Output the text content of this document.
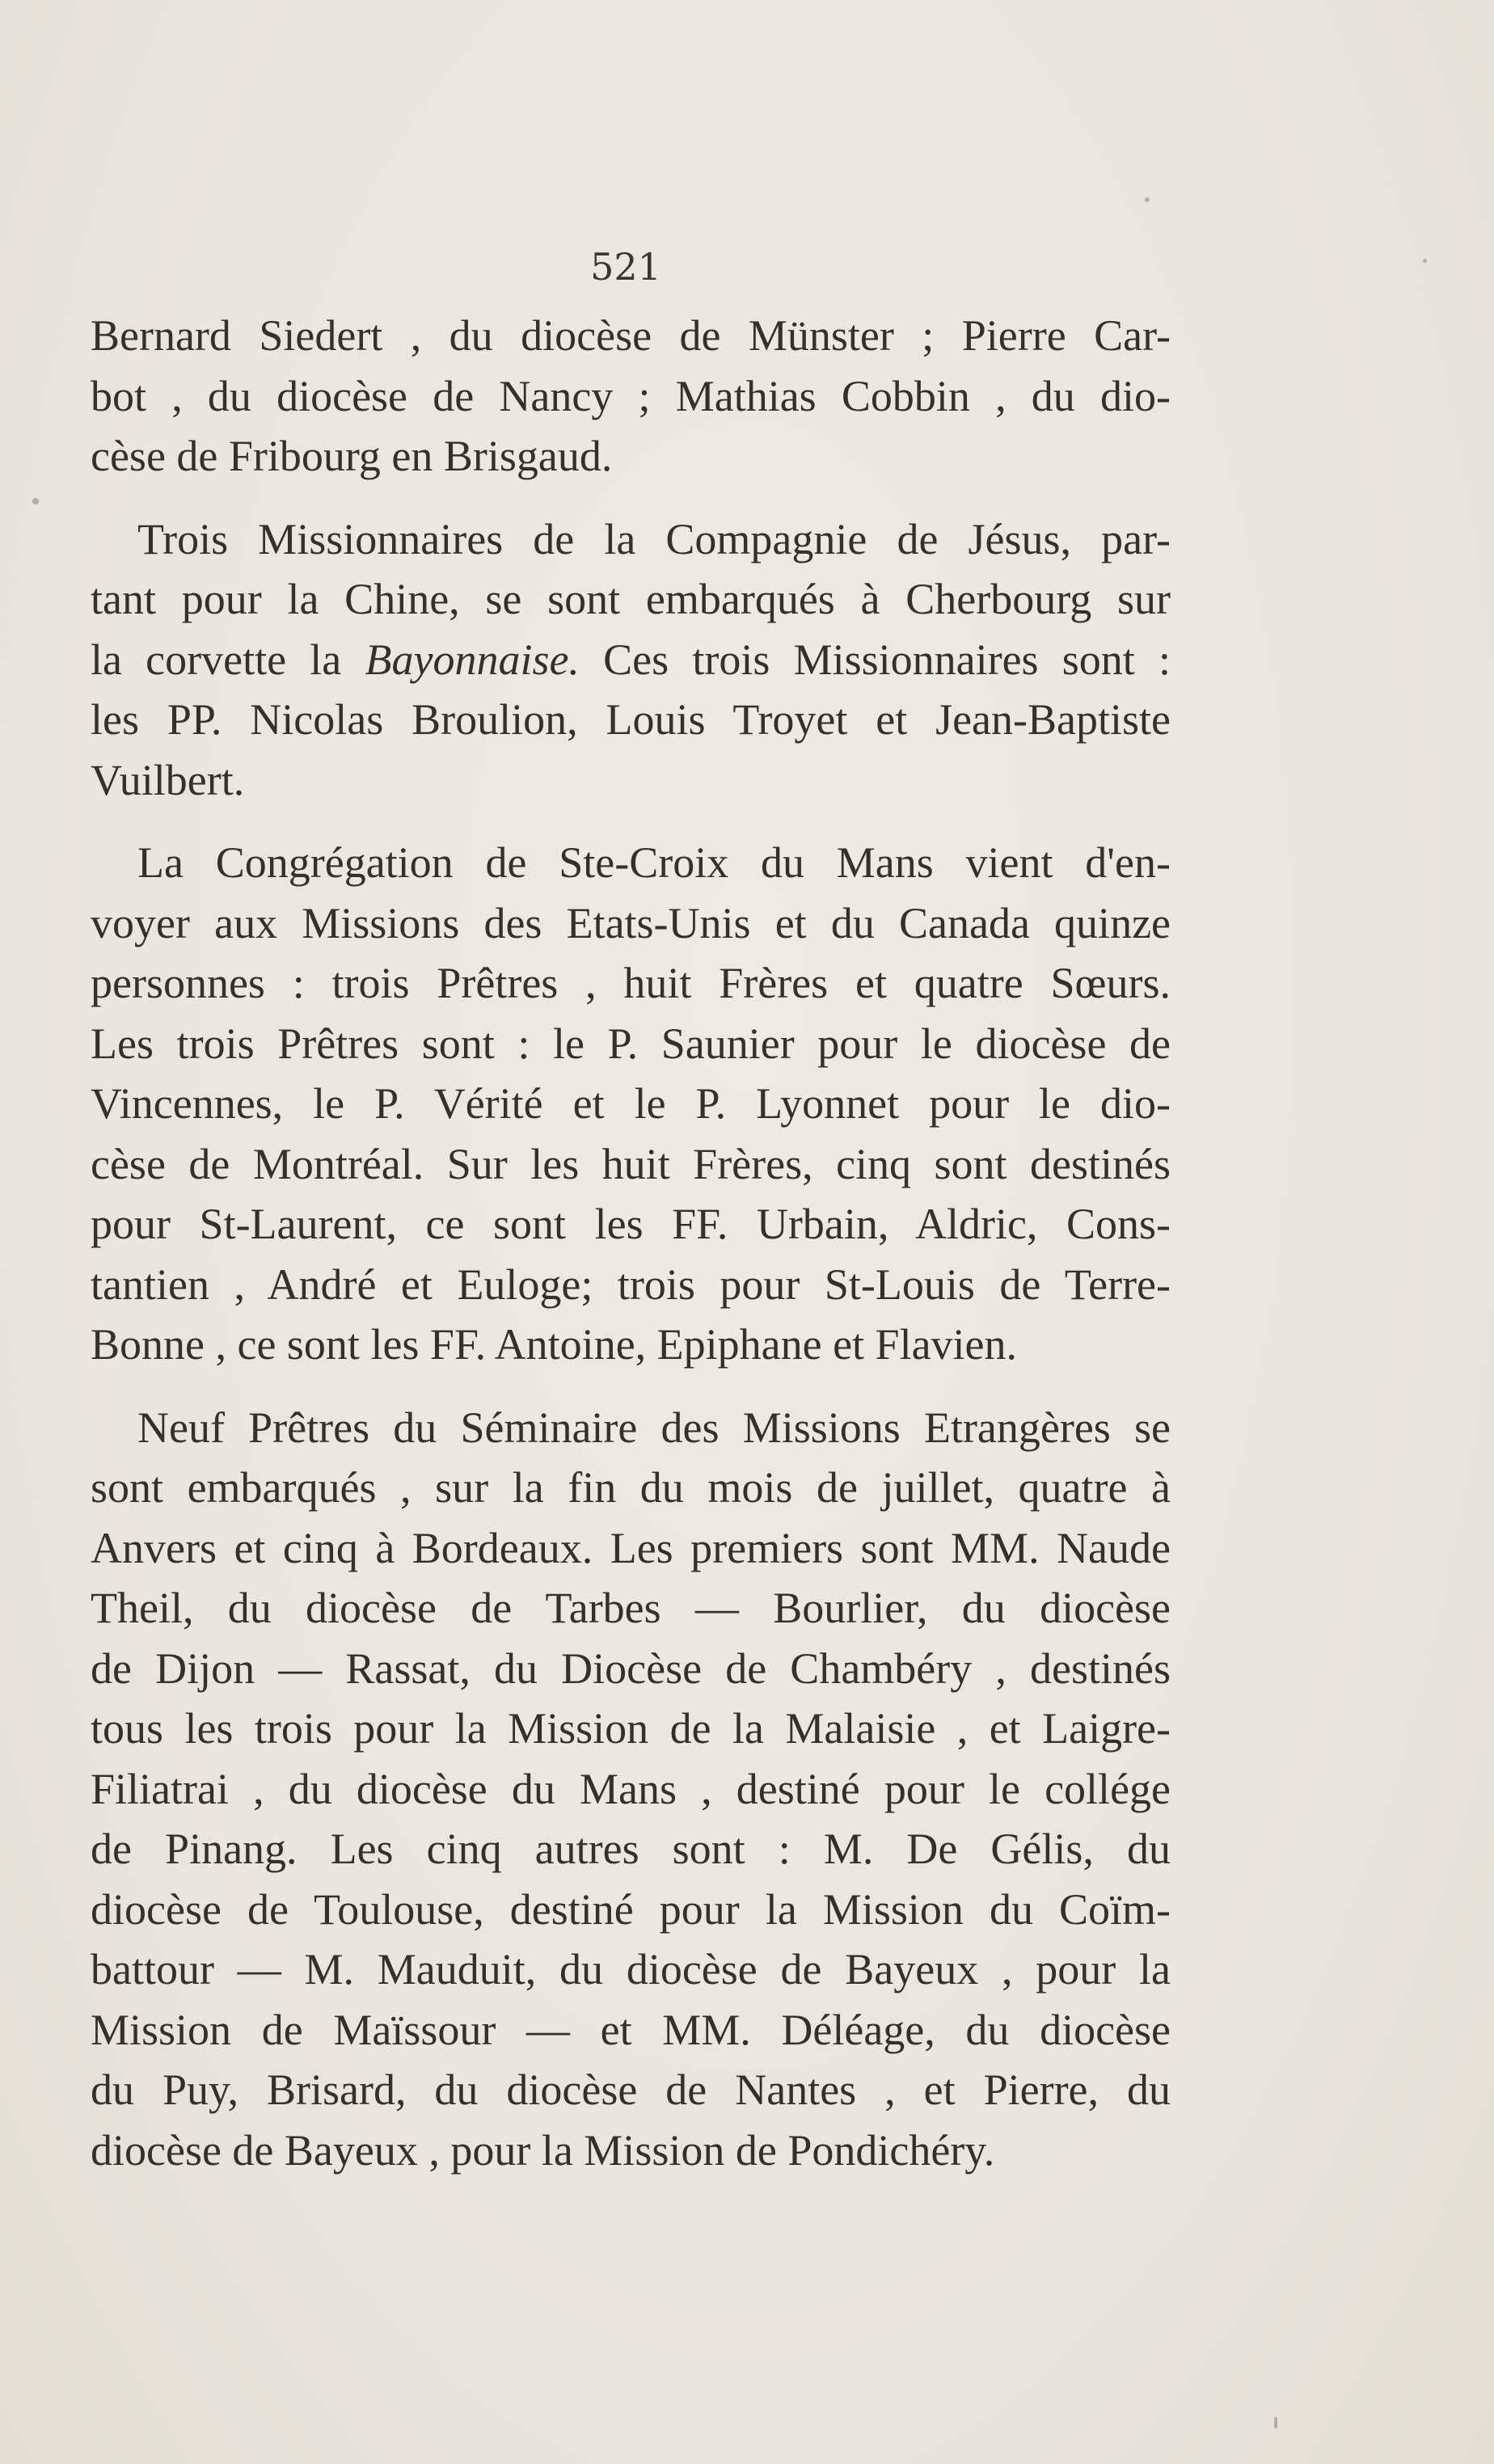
521

Bernard Siedert , du diocèse de Münster ; Pierre Car-
bot , du diocèse de Nancy ; Mathias Cobbin , du dio-
cèse de Fribourg en Brisgaud.

Trois Missionnaires de la Compagnie de Jésus, par-
tant pour la Chine, se sont embarqués à Cherbourg sur
la corvette la Bayonnaise. Ces trois Missionnaires sont :
les PP. Nicolas Broulion, Louis Troyet et Jean-Baptiste
Vuilbert.

La Congrégation de Ste-Croix du Mans vient d'en-
voyer aux Missions des Etats-Unis et du Canada quinze
personnes : trois Prêtres , huit Frères et quatre Sœurs.
Les trois Prêtres sont : le P. Saunier pour le diocèse de
Vincennes, le P. Vérité et le P. Lyonnet pour le dio-
cèse de Montréal. Sur les huit Frères, cinq sont destinés
pour St-Laurent, ce sont les FF. Urbain, Aldric, Cons-
tantien , André et Euloge; trois pour St-Louis de Terre-
Bonne , ce sont les FF. Antoine, Epiphane et Flavien.

Neuf Prêtres du Séminaire des Missions Etrangères se
sont embarqués , sur la fin du mois de juillet, quatre à
Anvers et cinq à Bordeaux. Les premiers sont MM. Naude
Theil, du diocèse de Tarbes — Bourlier, du diocèse
de Dijon — Rassat, du Diocèse de Chambéry , destinés
tous les trois pour la Mission de la Malaisie , et Laigre-
Filiatrai , du diocèse du Mans , destiné pour le collége
de Pinang. Les cinq autres sont : M. De Gélis, du
diocèse de Toulouse, destiné pour la Mission du Coïm-
battour — M. Mauduit, du diocèse de Bayeux , pour la
Mission de Maïssour — et MM. Déléage, du diocèse
du Puy, Brisard, du diocèse de Nantes , et Pierre, du
diocèse de Bayeux , pour la Mission de Pondichéry.
